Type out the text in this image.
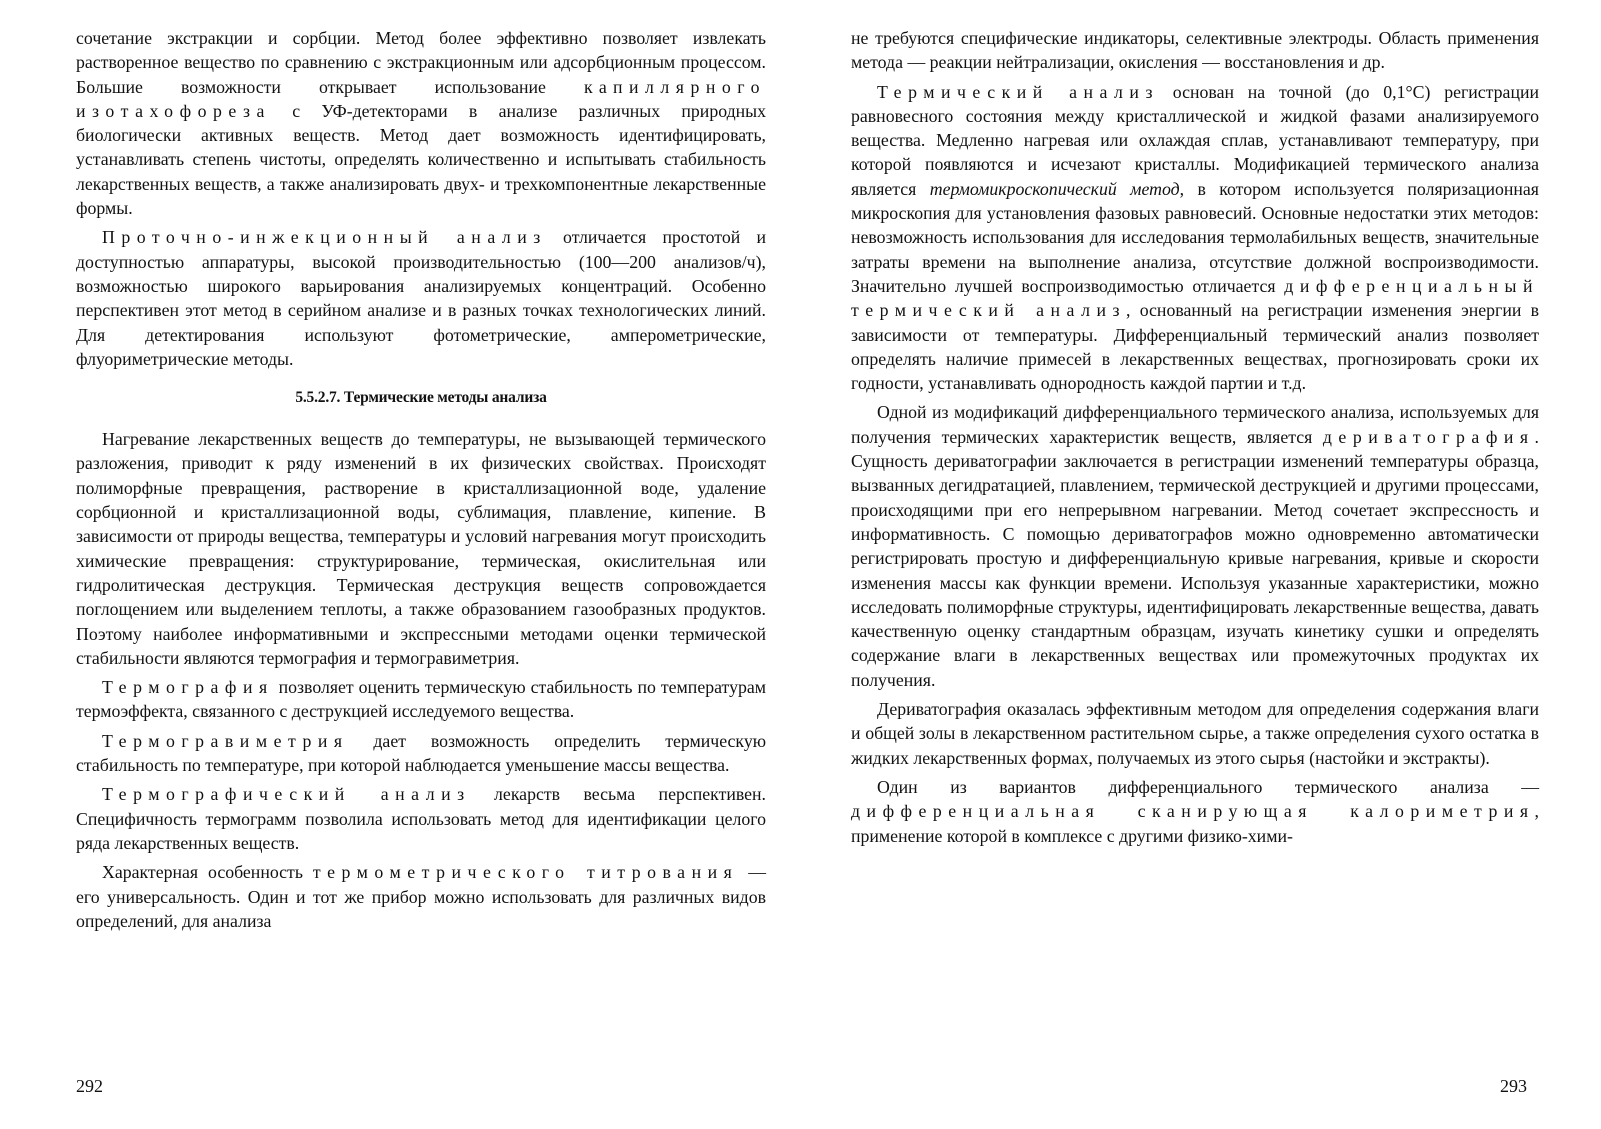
сочетание экстракции и сорбции. Метод более эффективно позволяет извлекать растворенное вещество по сравнению с экстракционным или адсорбционным процессом. Большие возможности открывает использование капиллярного изотахофореза с УФ-детекторами в анализе различных природных биологически активных веществ. Метод дает возможность идентифицировать, устанавливать степень чистоты, определять количественно и испытывать стабильность лекарственных веществ, а также анализировать двух- и трехкомпонентные лекарственные формы.

Проточно-инжекционный анализ отличается простотой и доступностью аппаратуры, высокой производительностью (100—200 анализов/ч), возможностью широкого варьирования анализируемых концентраций. Особенно перспективен этот метод в серийном анализе и в разных точках технологических линий. Для детектирования используют фотометрические, амперометрические, флуориметрические методы.

5.5.2.7. Термические методы анализа

Нагревание лекарственных веществ до температуры, не вызывающей термического разложения, приводит к ряду изменений в их физических свойствах. Происходят полиморфные превращения, растворение в кристаллизационной воде, удаление сорбционной и кристаллизационной воды, сублимация, плавление, кипение. В зависимости от природы вещества, температуры и условий нагревания могут происходить химические превращения: структурирование, термическая, окислительная или гидролитическая деструкция. Термическая деструкция веществ сопровождается поглощением или выделением теплоты, а также образованием газообразных продуктов. Поэтому наиболее информативными и экспрессными методами оценки термической стабильности являются термография и термогравиметрия.

Термография позволяет оценить термическую стабильность по температурам термоэффекта, связанного с деструкцией исследуемого вещества.

Термогравиметрия дает возможность определить термическую стабильность по температуре, при которой наблюдается уменьшение массы вещества.

Термографический анализ лекарств весьма перспективен. Специфичность термограмм позволила использовать метод для идентификации целого ряда лекарственных веществ.

Характерная особенность термометрического титрования — его универсальность. Один и тот же прибор можно использовать для различных видов определений, для анализа

292

не требуются специфические индикаторы, селективные электроды. Область применения метода — реакции нейтрализации, окисления — восстановления и др.

Термический анализ основан на точной (до 0,1°С) регистрации равновесного состояния между кристаллической и жидкой фазами анализируемого вещества. Медленно нагревая или охлаждая сплав, устанавливают температуру, при которой появляются и исчезают кристаллы. Модификацией термического анализа является термомикроскопический метод, в котором используется поляризационная микроскопия для установления фазовых равновесий. Основные недостатки этих методов: невозможность использования для исследования термолабильных веществ, значительные затраты времени на выполнение анализа, отсутствие должной воспроизводимости. Значительно лучшей воспроизводимостью отличается дифференциальный термический анализ, основанный на регистрации изменения энергии в зависимости от температуры. Дифференциальный термический анализ позволяет определять наличие примесей в лекарственных веществах, прогнозировать сроки их годности, устанавливать однородность каждой партии и т.д.

Одной из модификаций дифференциального термического анализа, используемых для получения термических характеристик веществ, является дериватография. Сущность дериватографии заключается в регистрации изменений температуры образца, вызванных дегидратацией, плавлением, термической деструкцией и другими процессами, происходящими при его непрерывном нагревании. Метод сочетает экспрессность и информативность. С помощью дериватографов можно одновременно автоматически регистрировать простую и дифференциальную кривые нагревания, кривые и скорости изменения массы как функции времени. Используя указанные характеристики, можно исследовать полиморфные структуры, идентифицировать лекарственные вещества, давать качественную оценку стандартным образцам, изучать кинетику сушки и определять содержание влаги в лекарственных веществах или промежуточных продуктах их получения.

Дериватография оказалась эффективным методом для определения содержания влаги и общей золы в лекарственном растительном сырье, а также определения сухого остатка в жидких лекарственных формах, получаемых из этого сырья (настойки и экстракты).

Один из вариантов дифференциального термического анализа — дифференциальная сканирующая калориметрия, применение которой в комплексе с другими физико-хими-

293
